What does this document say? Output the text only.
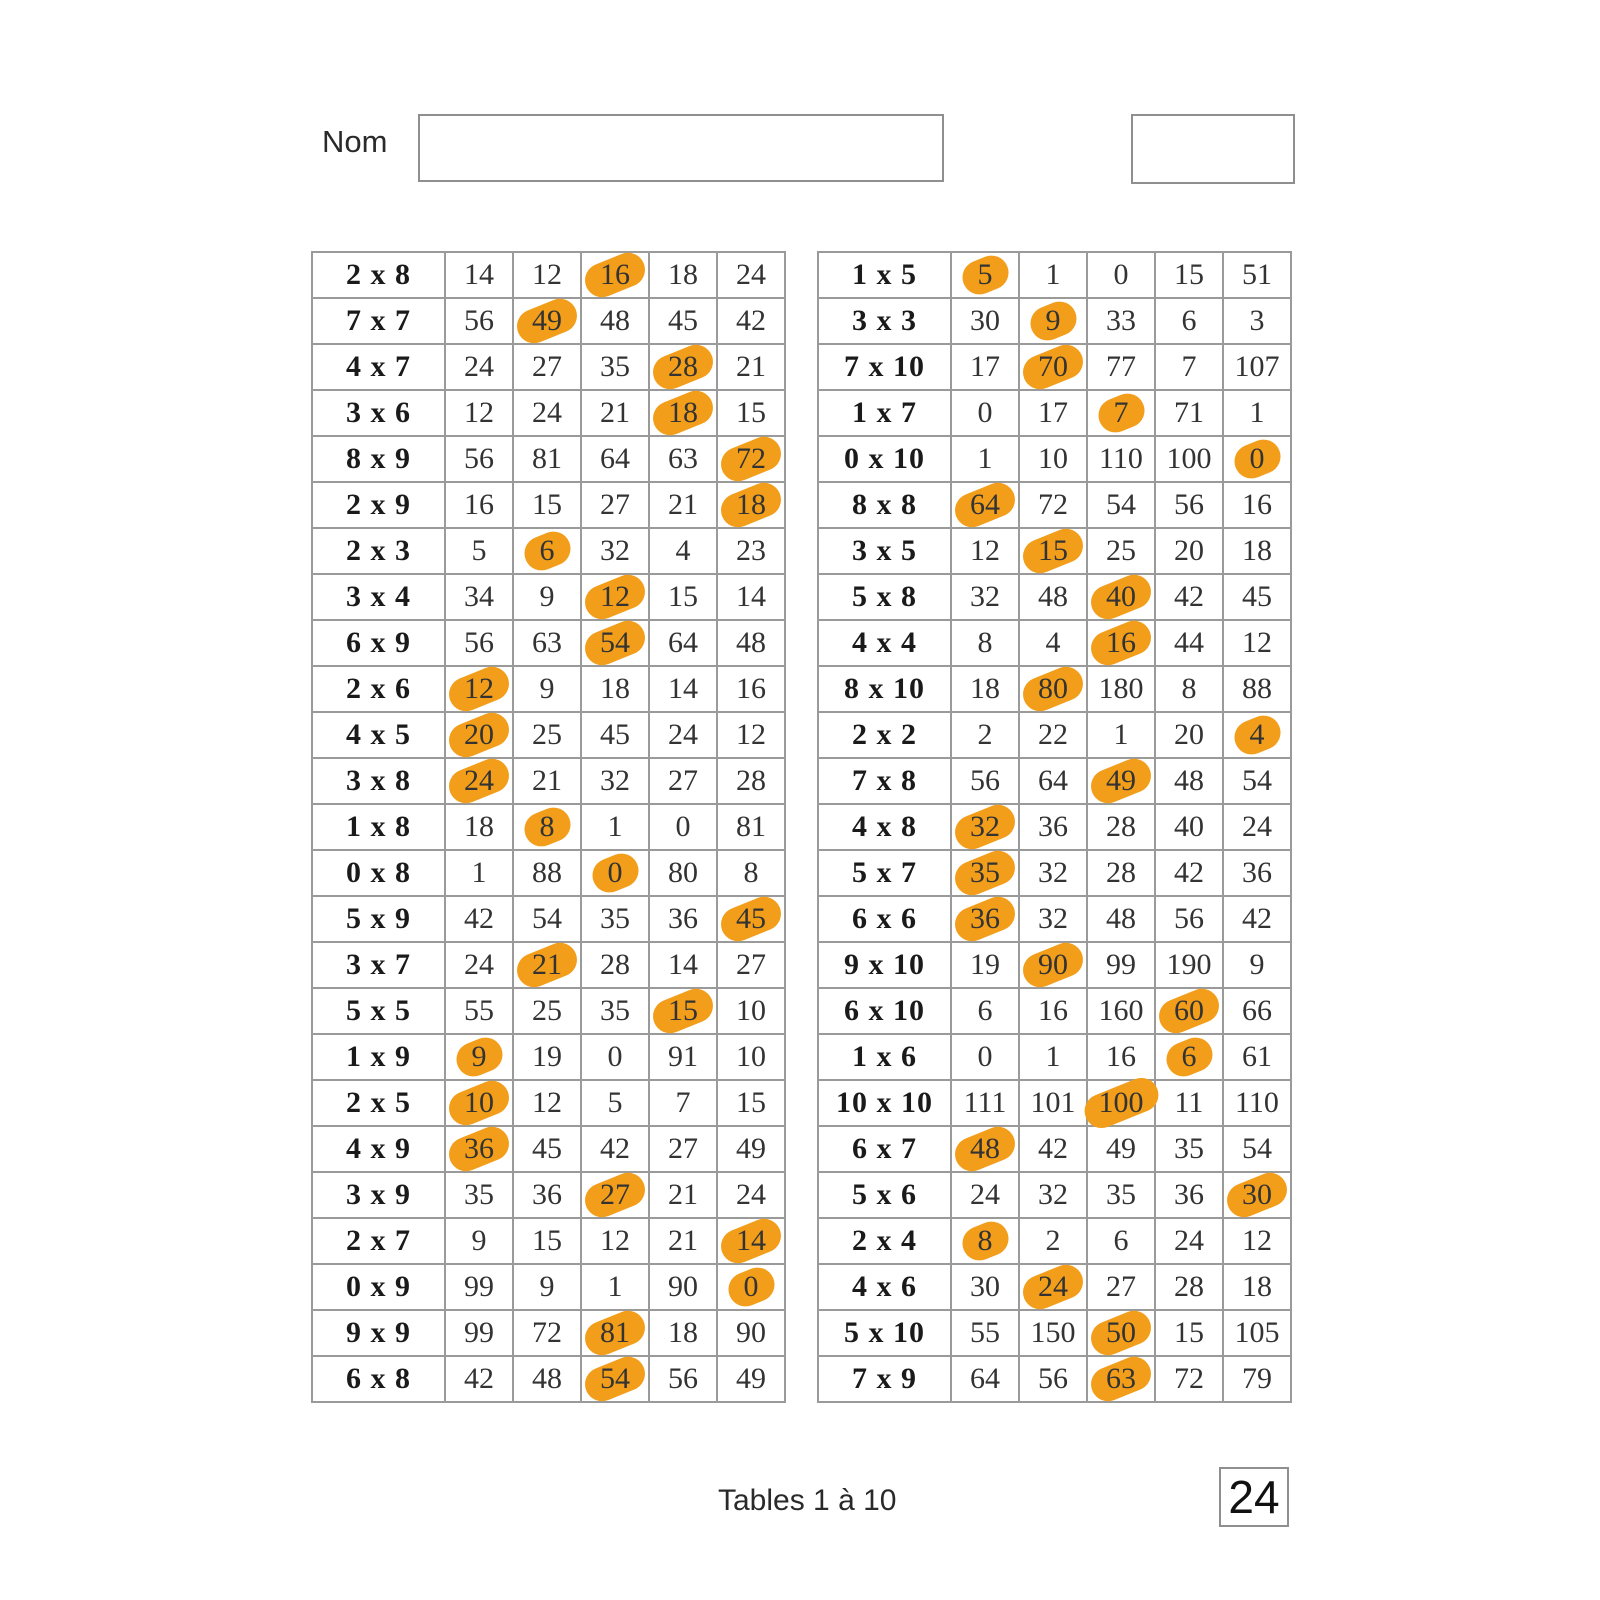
Nom
2 x 8	14	12	16	18	24
7 x 7	56	49	48	45	42
4 x 7	24	27	35	28	21
3 x 6	12	24	21	18	15
8 x 9	56	81	64	63	72
2 x 9	16	15	27	21	18
2 x 3	5	6	32	4	23
3 x 4	34	9	12	15	14
6 x 9	56	63	54	64	48
2 x 6	12	9	18	14	16
4 x 5	20	25	45	24	12
3 x 8	24	21	32	27	28
1 x 8	18	8	1	0	81
0 x 8	1	88	0	80	8
5 x 9	42	54	35	36	45
3 x 7	24	21	28	14	27
5 x 5	55	25	35	15	10
1 x 9	9	19	0	91	10
2 x 5	10	12	5	7	15
4 x 9	36	45	42	27	49
3 x 9	35	36	27	21	24
2 x 7	9	15	12	21	14
0 x 9	99	9	1	90	0
9 x 9	99	72	81	18	90
6 x 8	42	48	54	56	49
1 x 5	5	1	0	15	51
3 x 3	30	9	33	6	3
7 x 10	17	70	77	7	107
1 x 7	0	17	7	71	1
0 x 10	1	10	110	100	0
8 x 8	64	72	54	56	16
3 x 5	12	15	25	20	18
5 x 8	32	48	40	42	45
4 x 4	8	4	16	44	12
8 x 10	18	80	180	8	88
2 x 2	2	22	1	20	4
7 x 8	56	64	49	48	54
4 x 8	32	36	28	40	24
5 x 7	35	32	28	42	36
6 x 6	36	32	48	56	42
9 x 10	19	90	99	190	9
6 x 10	6	16	160	60	66
1 x 6	0	1	16	6	61
10 x 10	111	101	100	11	110
6 x 7	48	42	49	35	54
5 x 6	24	32	35	36	30
2 x 4	8	2	6	24	12
4 x 6	30	24	27	28	18
5 x 10	55	150	50	15	105
7 x 9	64	56	63	72	79
Tables 1 à 10	24
